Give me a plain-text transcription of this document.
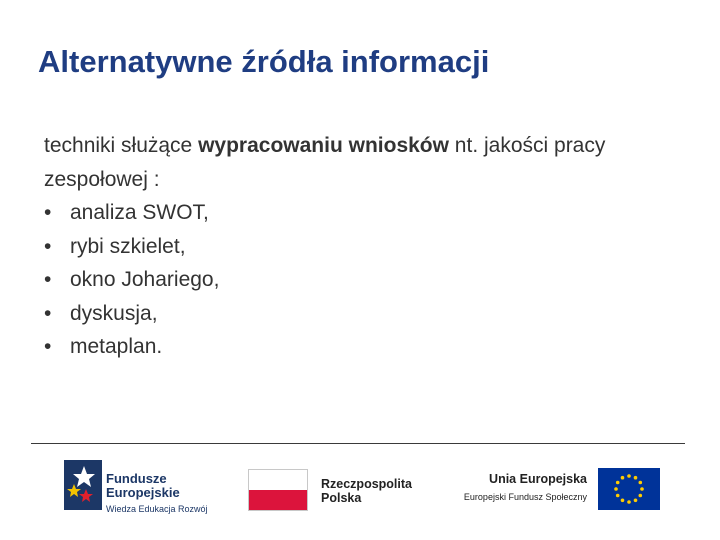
Alternatywne źródła informacji

techniki służące wypracowaniu wniosków nt. jakości pracy zespołowej :

• analiza SWOT,
• rybi szkielet,
• okno Johariego,
• dyskusja,
• metaplan.
Fundusze
Europejskie
Wiedza Edukacja Rozwój
Rzeczpospolita
Polska
Unia Europejska
Europejski Fundusz Społeczny
